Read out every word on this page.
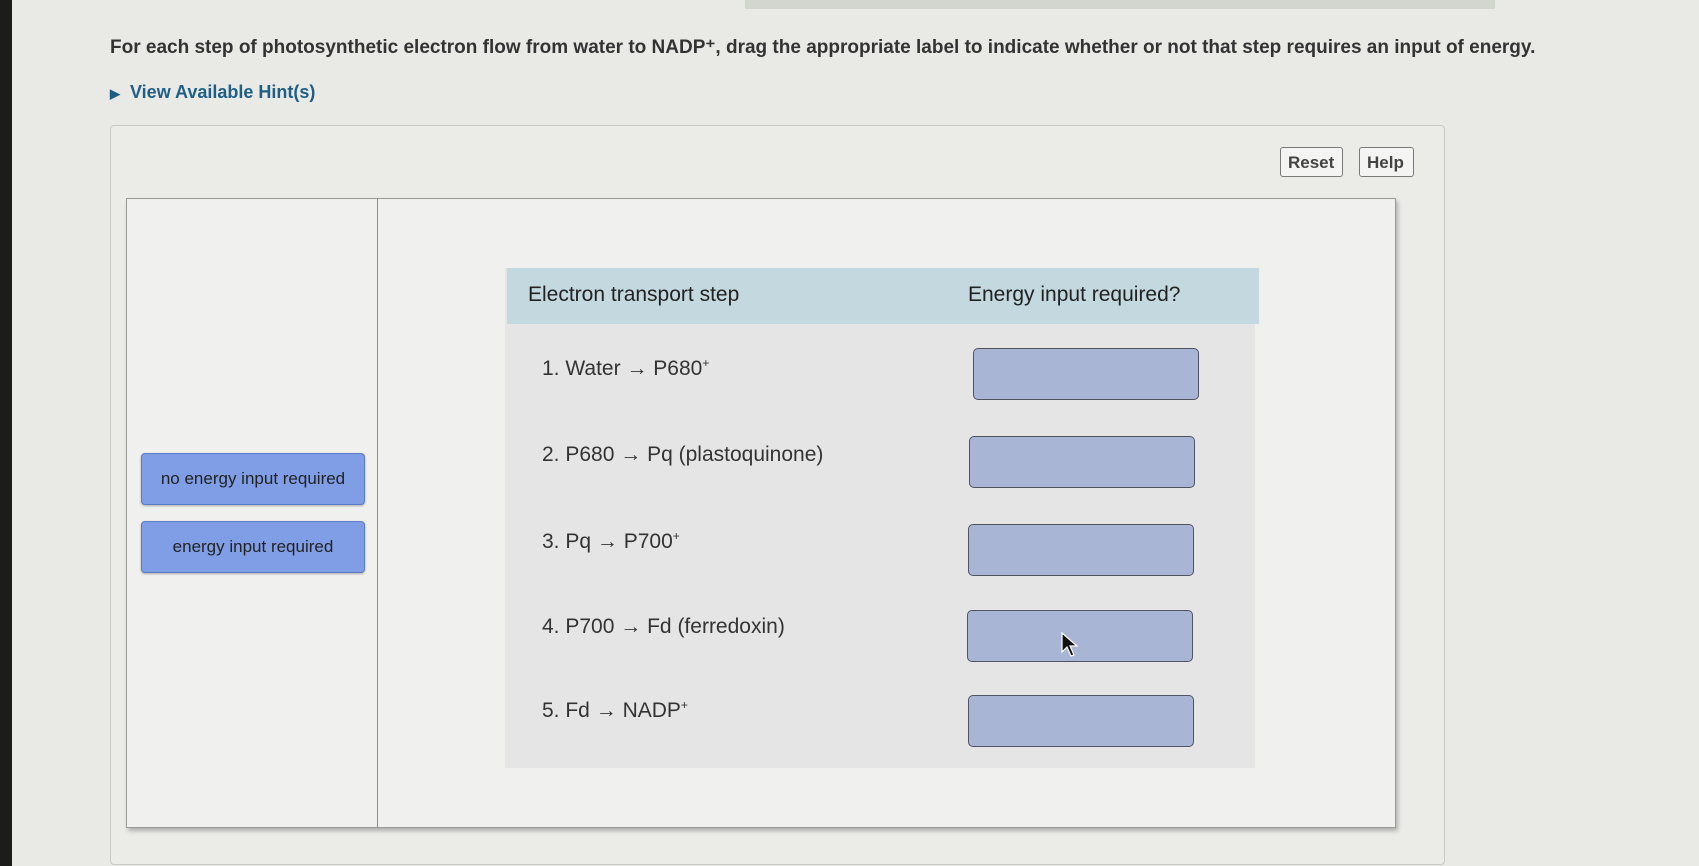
For each step of photosynthetic electron flow from water to NADP⁺, drag the appropriate label to indicate whether or not that step requires an input of energy.
▶ View Available Hint(s)
Reset	Help
no energy input required
energy input required
Electron transport step	Energy input required?
1. Water → P680+
2. P680 → Pq (plastoquinone)
3. Pq → P700+
4. P700 → Fd (ferredoxin)
5. Fd → NADP+
